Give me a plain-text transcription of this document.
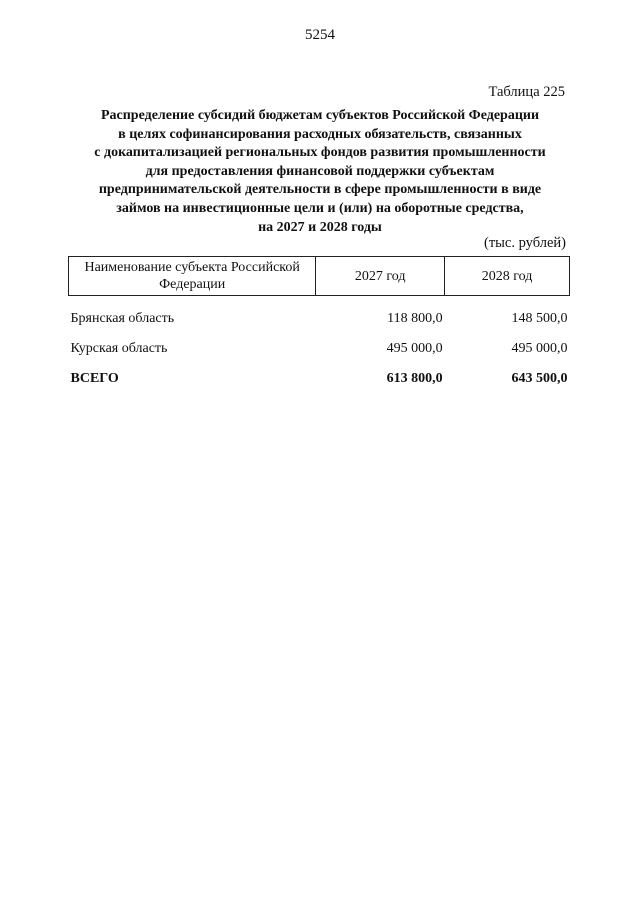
5254
Таблица 225
Распределение субсидий бюджетам субъектов Российской Федерации
в целях софинансирования расходных обязательств, связанных
с докапитализацией региональных фондов развития промышленности
для предоставления финансовой поддержки субъектам
предпринимательской деятельности в сфере промышленности в виде
займов на инвестиционные цели и (или) на оборотные средства,
на 2027 и 2028 годы
(тыс. рублей)
Наименование субъекта Российской
Федерации	2027 год	2028 год
Брянская область	118 800,0	148 500,0
Курская область	495 000,0	495 000,0
ВСЕГО	613 800,0	643 500,0
